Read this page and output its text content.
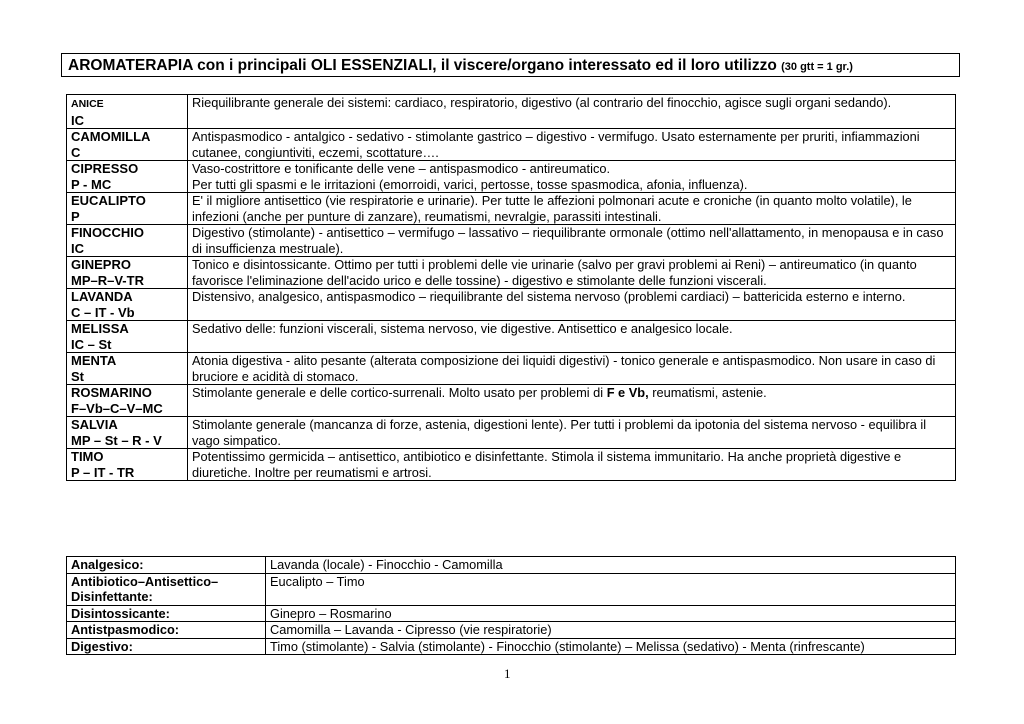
AROMATERAPIA con i principali OLI ESSENZIALI, il viscere/organo interessato ed il loro utilizzo (30 gtt = 1 gr.)
ANICE
IC	Riequilibrante generale dei sistemi: cardiaco, respiratorio, digestivo (al contrario del finocchio, agisce sugli organi sedando).
CAMOMILLA
C	Antispasmodico - antalgico - sedativo - stimolante gastrico – digestivo - vermifugo. Usato esternamente per pruriti, infiammazioni cutanee, congiuntiviti, eczemi, scottature….
CIPRESSO
P - MC	Vaso-costrittore e tonificante delle vene – antispasmodico - antireumatico.
Per tutti gli spasmi e le irritazioni (emorroidi, varici, pertosse, tosse spasmodica, afonia, influenza).
EUCALIPTO
P	E' il migliore antisettico (vie respiratorie e urinarie). Per tutte le affezioni polmonari acute e croniche (in quanto molto volatile), le infezioni (anche per punture di zanzare), reumatismi, nevralgie, parassiti intestinali.
FINOCCHIO
IC	Digestivo (stimolante) - antisettico – vermifugo – lassativo – riequilibrante ormonale (ottimo nell'allattamento, in menopausa e in caso di insufficienza mestruale).
GINEPRO
MP–R–V-TR	Tonico e disintossicante. Ottimo per tutti i problemi delle vie urinarie (salvo per gravi problemi ai Reni) – antireumatico (in quanto favorisce l'eliminazione dell'acido urico e delle tossine) - digestivo e stimolante delle funzioni viscerali.
LAVANDA
C – IT - Vb	Distensivo, analgesico, antispasmodico – riequilibrante del sistema nervoso (problemi cardiaci) – battericida esterno e interno.
MELISSA
IC – St	Sedativo delle: funzioni viscerali, sistema nervoso, vie digestive. Antisettico e analgesico locale.
MENTA
St	Atonia digestiva - alito pesante (alterata composizione dei liquidi digestivi) - tonico generale e antispasmodico. Non usare in caso di bruciore e acidità di stomaco.
ROSMARINO
F–Vb–C–V–MC	Stimolante generale e delle cortico-surrenali. Molto usato per problemi di F e Vb, reumatismi, astenie.
SALVIA
MP – St – R - V	Stimolante generale (mancanza di forze, astenia, digestioni lente). Per tutti i problemi da ipotonia del sistema nervoso - equilibra il vago simpatico.
TIMO
P – IT - TR	Potentissimo germicida – antisettico, antibiotico e disinfettante. Stimola il sistema immunitario. Ha anche proprietà digestive e diuretiche. Inoltre per reumatismi e artrosi.
Analgesico:	Lavanda (locale) - Finocchio - Camomilla
Antibiotico–Antisettico–Disinfettante:	Eucalipto – Timo
Disintossicante:	Ginepro – Rosmarino
Antistpasmodico:	Camomilla – Lavanda - Cipresso (vie respiratorie)
Digestivo:	Timo (stimolante) - Salvia (stimolante) - Finocchio (stimolante) – Melissa (sedativo) - Menta (rinfrescante)
1
